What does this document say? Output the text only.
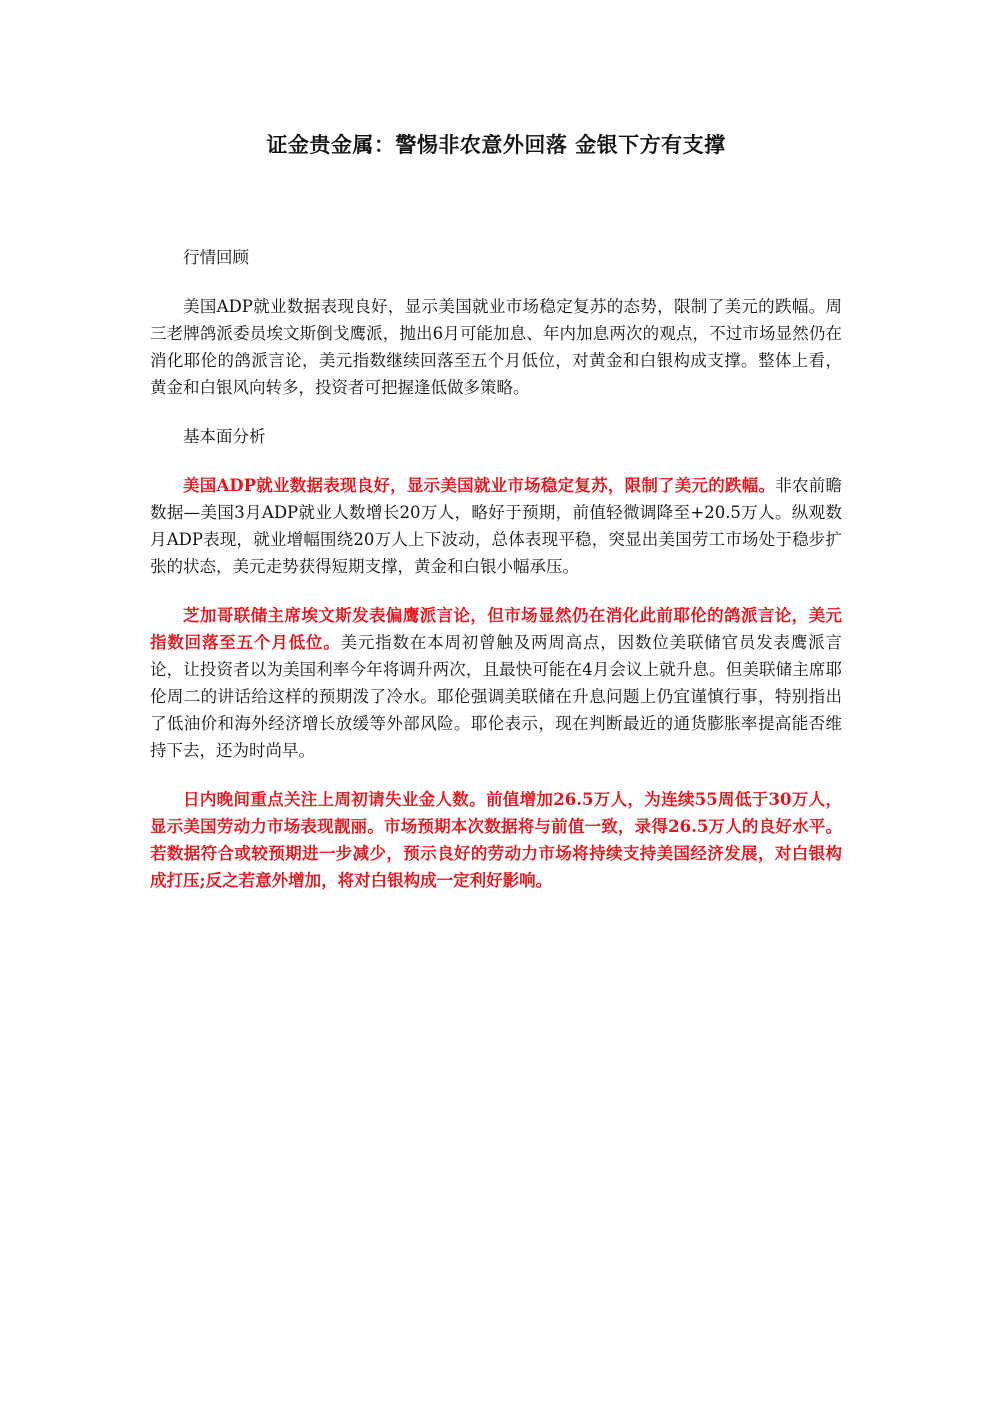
证金贵金属：警惕非农意外回落 金银下方有支撑

行情回顾

美国ADP就业数据表现良好，显示美国就业市场稳定复苏的态势，限制了美元的跌幅。周三老牌鸽派委员埃文斯倒戈鹰派，抛出6月可能加息、年内加息两次的观点，不过市场显然仍在消化耶伦的鸽派言论，美元指数继续回落至五个月低位，对黄金和白银构成支撑。整体上看，黄金和白银风向转多，投资者可把握逢低做多策略。

基本面分析

美国ADP就业数据表现良好，显示美国就业市场稳定复苏，限制了美元的跌幅。非农前瞻数据—美国3月ADP就业人数增长20万人，略好于预期，前值轻微调降至+20.5万人。纵观数月ADP表现，就业增幅围绕20万人上下波动，总体表现平稳，突显出美国劳工市场处于稳步扩张的状态，美元走势获得短期支撑，黄金和白银小幅承压。

芝加哥联储主席埃文斯发表偏鹰派言论，但市场显然仍在消化此前耶伦的鸽派言论，美元指数回落至五个月低位。美元指数在本周初曾触及两周高点，因数位美联储官员发表鹰派言论，让投资者以为美国利率今年将调升两次，且最快可能在4月会议上就升息。但美联储主席耶伦周二的讲话给这样的预期泼了冷水。耶伦强调美联储在升息问题上仍宜谨慎行事，特别指出了低油价和海外经济增长放缓等外部风险。耶伦表示，现在判断最近的通货膨胀率提高能否维持下去，还为时尚早。

日内晚间重点关注上周初请失业金人数。前值增加26.5万人，为连续55周低于30万人，显示美国劳动力市场表现靓丽。市场预期本次数据将与前值一致，录得26.5万人的良好水平。若数据符合或较预期进一步减少，预示良好的劳动力市场将持续支持美国经济发展，对白银构成打压;反之若意外增加，将对白银构成一定利好影响。
